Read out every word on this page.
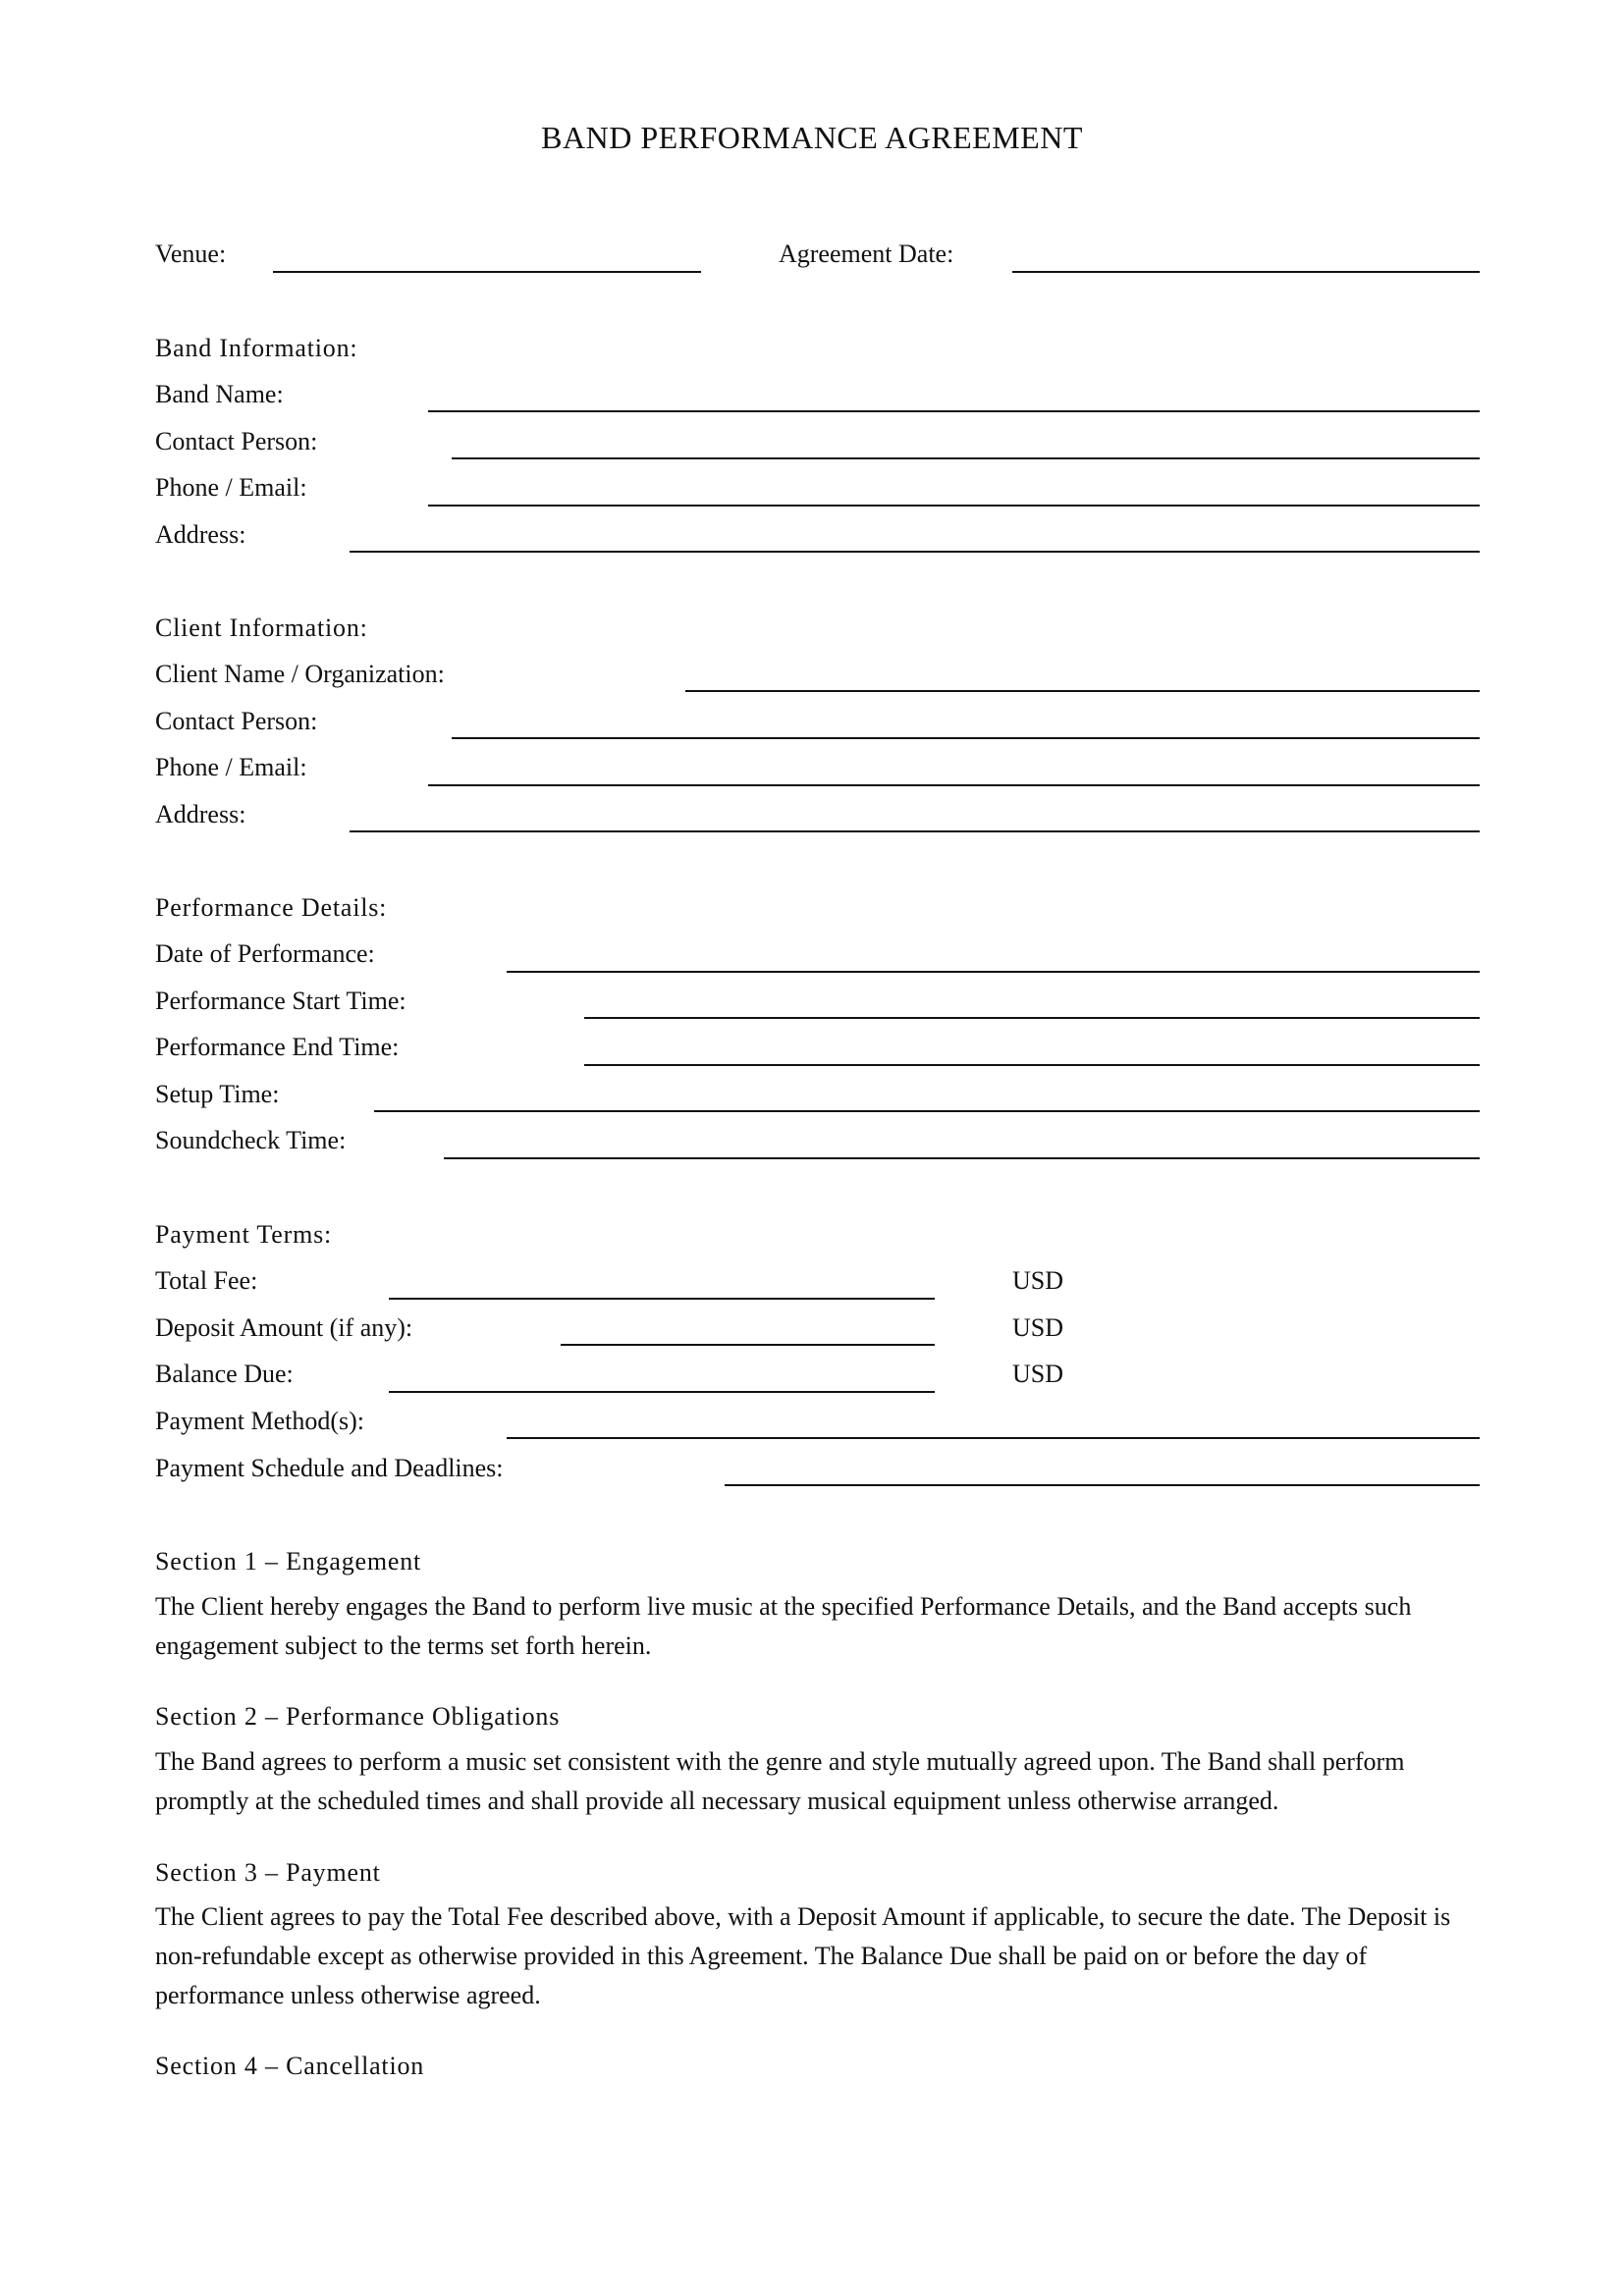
BAND PERFORMANCE AGREEMENT
Venue:	Agreement Date:
Band Information:
Band Name:
Contact Person:
Phone / Email:
Address:
Client Information:
Client Name / Organization:
Contact Person:
Phone / Email:
Address:
Performance Details:
Date of Performance:
Performance Start Time:
Performance End Time:
Setup Time:
Soundcheck Time:
Payment Terms:
Total Fee:	USD
Deposit Amount (if any):	USD
Balance Due:	USD
Payment Method(s):
Payment Schedule and Deadlines:
Section 1 – Engagement
The Client hereby engages the Band to perform live music at the specified Performance Details, and the Band accepts such engagement subject to the terms set forth herein.
Section 2 – Performance Obligations
The Band agrees to perform a music set consistent with the genre and style mutually agreed upon. The Band shall perform promptly at the scheduled times and shall provide all necessary musical equipment unless otherwise arranged.
Section 3 – Payment
The Client agrees to pay the Total Fee described above, with a Deposit Amount if applicable, to secure the date. The Deposit is non-refundable except as otherwise provided in this Agreement. The Balance Due shall be paid on or before the day of performance unless otherwise agreed.
Section 4 – Cancellation
